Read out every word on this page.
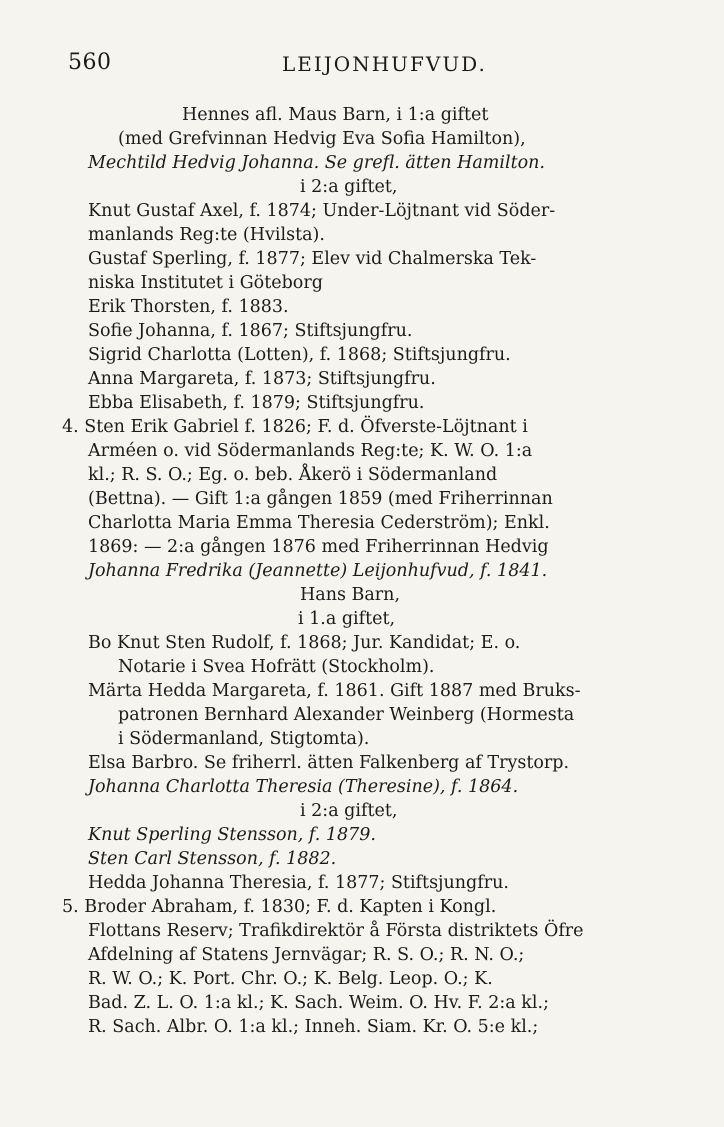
560	LEIJONHUFVUD.
Hennes afl. Maus Barn, i 1:a giftet
(med Grefvinnan Hedvig Eva Sofia Hamilton),
Mechtild Hedvig Johanna. Se grefl. ätten Hamilton.
i 2:a giftet,
Knut Gustaf Axel, f. 1874; Under-Löjtnant vid Söder-
manlands Reg:te (Hvilsta).
Gustaf Sperling, f. 1877; Elev vid Chalmerska Tek-
niska Institutet i Göteborg
Erik Thorsten, f. 1883.
Sofie Johanna, f. 1867; Stiftsjungfru.
Sigrid Charlotta (Lotten), f. 1868; Stiftsjungfru.
Anna Margareta, f. 1873; Stiftsjungfru.
Ebba Elisabeth, f. 1879; Stiftsjungfru.
4. Sten Erik Gabriel f. 1826; F. d. Öfverste-Löjtnant i
Arméen o. vid Södermanlands Reg:te; K. W. O. 1:a
kl.; R. S. O.; Eg. o. beb. Åkerö i Södermanland
(Bettna). — Gift 1:a gången 1859 (med Friherrinnan
Charlotta Maria Emma Theresia Cederström); Enkl.
1869: — 2:a gången 1876 med Friherrinnan Hedvig
Johanna Fredrika (Jeannette) Leijonhufvud, f. 1841.
Hans Barn,
i 1.a giftet,
Bo Knut Sten Rudolf, f. 1868; Jur. Kandidat; E. o.
Notarie i Svea Hofrätt (Stockholm).
Märta Hedda Margareta, f. 1861. Gift 1887 med Bruks-
patronen Bernhard Alexander Weinberg (Hormesta
i Södermanland, Stigtomta).
Elsa Barbro. Se friherrl. ätten Falkenberg af Trystorp.
Johanna Charlotta Theresia (Theresine), f. 1864.
i 2:a giftet,
Knut Sperling Stensson, f. 1879.
Sten Carl Stensson, f. 1882.
Hedda Johanna Theresia, f. 1877; Stiftsjungfru.
5. Broder Abraham, f. 1830; F. d. Kapten i Kongl.
Flottans Reserv; Trafikdirektör å Första distriktets Öfre
Afdelning af Statens Jernvägar; R. S. O.; R. N. O.;
R. W. O.; K. Port. Chr. O.; K. Belg. Leop. O.; K.
Bad. Z. L. O. 1:a kl.; K. Sach. Weim. O. Hv. F. 2:a kl.;
R. Sach. Albr. O. 1:a kl.; Inneh. Siam. Kr. O. 5:e kl.;
